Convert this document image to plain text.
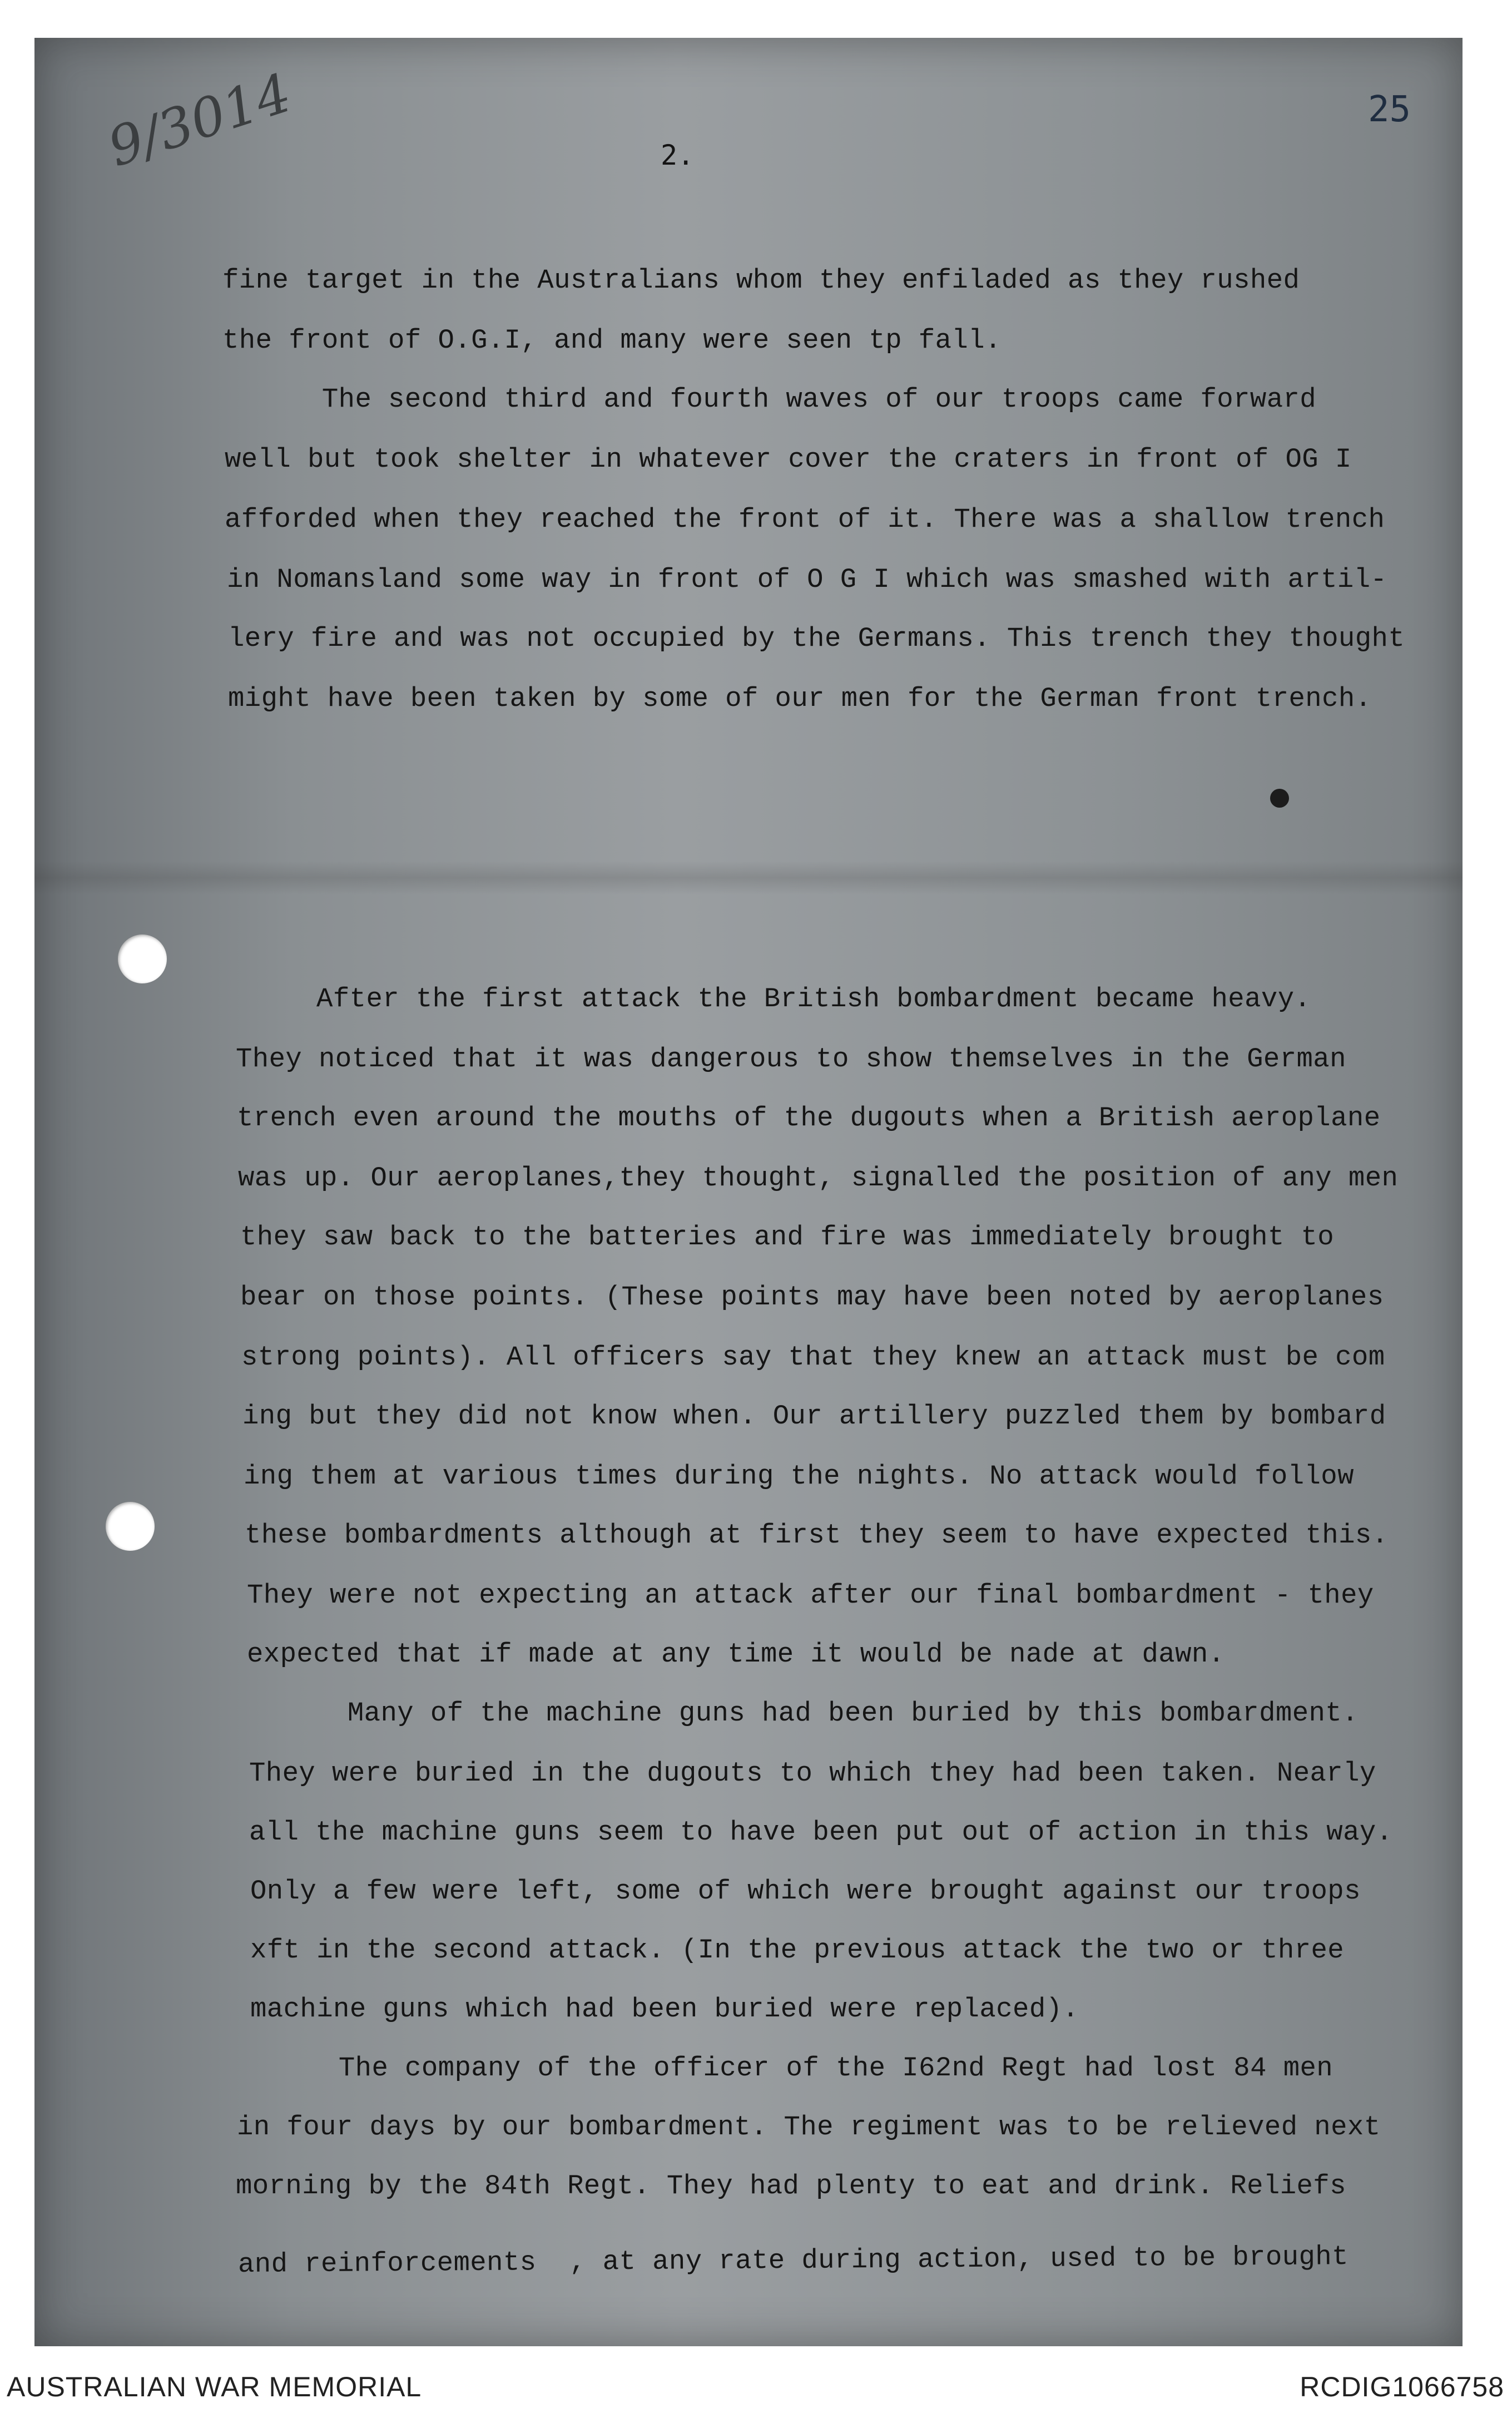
9/3014	25
2.
fine target in the Australians whom they enfiladed as they rushed
the front of O.G.I, and many were seen tp fall.
The second third and fourth waves of our troops came forward
well but took shelter in whatever cover the craters in front of OG I
afforded when they reached the front of it. There was a shallow trench
in Nomansland some way in front of O G I which was smashed with artil-
lery fire and was not occupied by the Germans. This trench they thought
might have been taken by some of our men for the German front trench.
After the first attack the British bombardment became heavy.
They noticed that it was dangerous to show themselves in the German
trench even around the mouths of the dugouts when a British aeroplane
was up. Our aeroplanes,they thought, signalled the position of any men
they saw back to the batteries and fire was immediately brought to
bear on those points. (These points may have been noted by aeroplanes
strong points). All officers say that they knew an attack must be com
ing but they did not know when. Our artillery puzzled them by bombard
ing them at various times during the nights. No attack would follow
these bombardments although at first they seem to have expected this.
They were not expecting an attack after our final bombardment - they
expected that if made at any time it would be nade at dawn.
Many of the machine guns had been buried by this bombardment.
They were buried in the dugouts to which they had been taken. Nearly
all the machine guns seem to have been put out of action in this way.
Only a few were left, some of which were brought against our troops
xft in the second attack. (In the previous attack the two or three
machine guns which had been buried were replaced).
The company of the officer of the I62nd Regt had lost 84 men
in four days by our bombardment. The regiment was to be relieved next
morning by the 84th Regt. They had plenty to eat and drink. Reliefs
and reinforcements  , at any rate during action, used to be brought
AUSTRALIAN WAR MEMORIAL	RCDIG1066758
